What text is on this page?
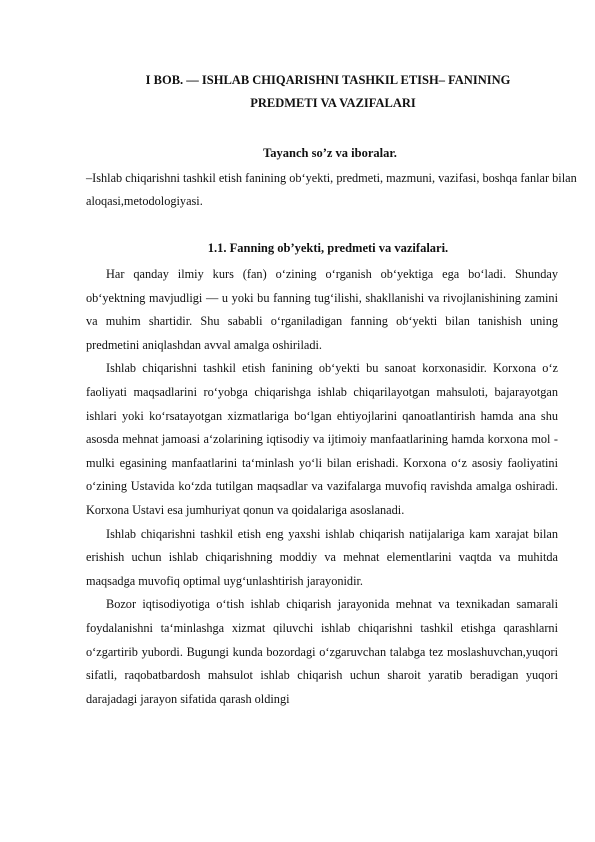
I BOB. — ISHLAB CHIQARISHNI TASHKIL ETISH– FANINING
PREDMETI VA VAZIFALARI
Tayanch so’z va iboralar.
–Ishlab chiqarishni tashkil etish fanining ob‘yekti, predmeti, mazmuni, vazifasi, boshqa fanlar bilan aloqasi,metodologiyasi.
1.1. Fanning ob’yekti, predmeti va vazifalari.

Har qanday ilmiy kurs (fan) o‘zining o‘rganish ob‘yektiga ega bo‘ladi. Shunday ob‘yektning mavjudligi — u yoki bu fanning tug‘ilishi, shakllanishi va rivojlanishining zamini va muhim shartidir. Shu sababli o‘rganiladigan fanning ob‘yekti bilan tanishish uning predmetini aniqlashdan avval amalga oshiriladi.

Ishlab chiqarishni tashkil etish fanining ob‘yekti bu sanoat korxonasidir. Korxona o‘z faoliyati maqsadlarini ro‘yobga chiqarishga ishlab chiqarilayotgan mahsuloti, bajarayotgan ishlari yoki ko‘rsatayotgan xizmatlariga bo‘lgan ehtiyojlarini qanoatlantirish hamda ana shu asosda mehnat jamoasi a‘zolarining iqtisodiy va ijtimoiy manfaatlarining hamda korxona mol - mulki egasining manfaatlarini ta‘minlash yo‘li bilan erishadi. Korxona o‘z asosiy faoliyatini o‘zining Ustavida ko‘zda tutilgan maqsadlar va vazifalarga muvofiq ravishda amalga oshiradi. Korxona Ustavi esa jumhuriyat qonun va qoidalariga asoslanadi.

Ishlab chiqarishni tashkil etish eng yaxshi ishlab chiqarish natijalariga kam xarajat bilan erishish uchun ishlab chiqarishning moddiy va mehnat elementlarini vaqtda va muhitda maqsadga muvofiq optimal uyg‘unlashtirish jarayonidir.

Bozor iqtisodiyotiga o‘tish ishlab chiqarish jarayonida mehnat va texnikadan samarali foydalanishni ta‘minlashga xizmat qiluvchi ishlab chiqarishni tashkil etishga qarashlarni o‘zgartirib yubordi. Bugungi kunda bozordagi o‘zgaruvchan talabga tez moslashuvchan,yuqori sifatli, raqobatbardosh mahsulot ishlab chiqarish uchun sharoit yaratib beradigan yuqori darajadagi jarayon sifatida qarash oldingi
